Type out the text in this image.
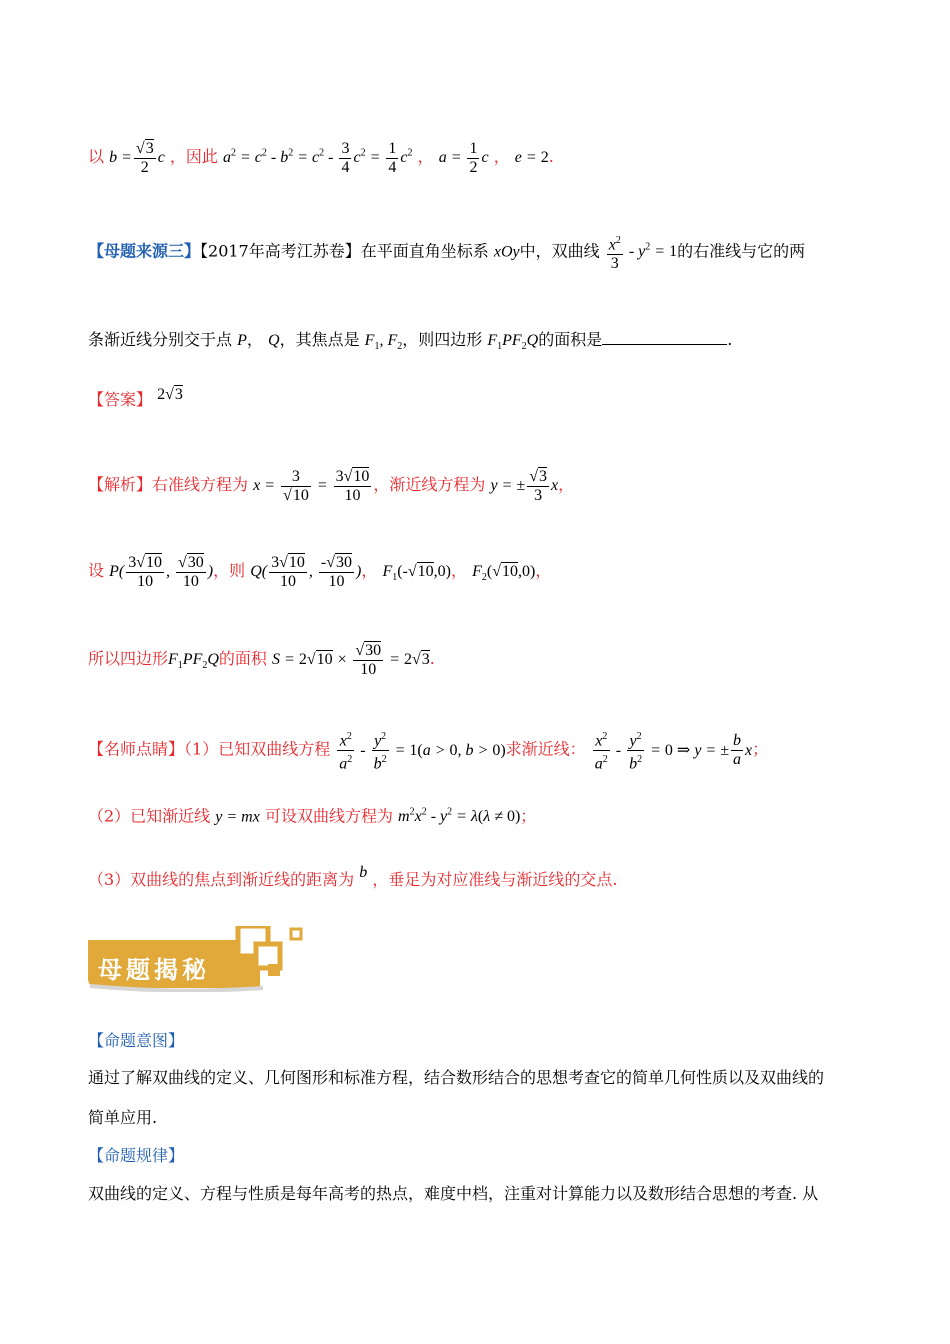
以 $b = \frac{√3}{2}$ c ，因此 $a^2 = c^2 - b^2 = c^2 - \frac{3}{4} c^2 = \frac{1}{4} c^2$ ， $a = \frac{1}{2}$ c ， e = 2.
【母题来源三】【2017年高考江苏卷】在平面直角坐标系 xOy中，双曲线 $\frac{x^2}{3} - y^2 = 1$的右准线与它的两
条渐近线分别交于点 P， Q，其焦点是 $F_1$, $F_2$，则四边形 $F_1PF_2Q$的面积是	.
【答案】 2√3
【解析】右准线方程为 $x = \frac{3}{√10} = \frac{3√10}{10}$ ，渐近线方程为 y = ± $\frac{√3}{3}$ x，
设 $P( \frac{3√10}{10}$ , $\frac{√30}{10}$ )，则 $Q( \frac{3√10}{10}$ , $\frac{-√30}{10}$ )， $F_1(-√10,0)$， $F_2(√10,0)$，
所以四边形$F_1PF_2Q$的面积 $S = 2√10 \times \frac{√30}{10} = 2√3$.
【名师点睛】（1）已知双曲线方程 $\frac{x^2}{a^2} - \frac{y^2}{b^2} = 1(a > 0$, b > 0)求渐近线： $\frac{x^2}{a^2} - \frac{y^2}{b^2} = 0$ ⇒ y = ± $\frac{b}{a}$ x；
（2）已知渐近线 y = mx 可设双曲线方程为 $m^2x^2 - y^2 = \lambda(\lambda \ne 0)$；
（3）双曲线的焦点到渐近线的距离为 b ，垂足为对应准线与渐近线的交点.
母题揭秘
【命题意图】
通过了解双曲线的定义、几何图形和标准方程，结合数形结合的思想考查它的简单几何性质以及双曲线的
简单应用.
【命题规律】
双曲线的定义、方程与性质是每年高考的热点，难度中档，注重对计算能力以及数形结合思想的考查. 从
